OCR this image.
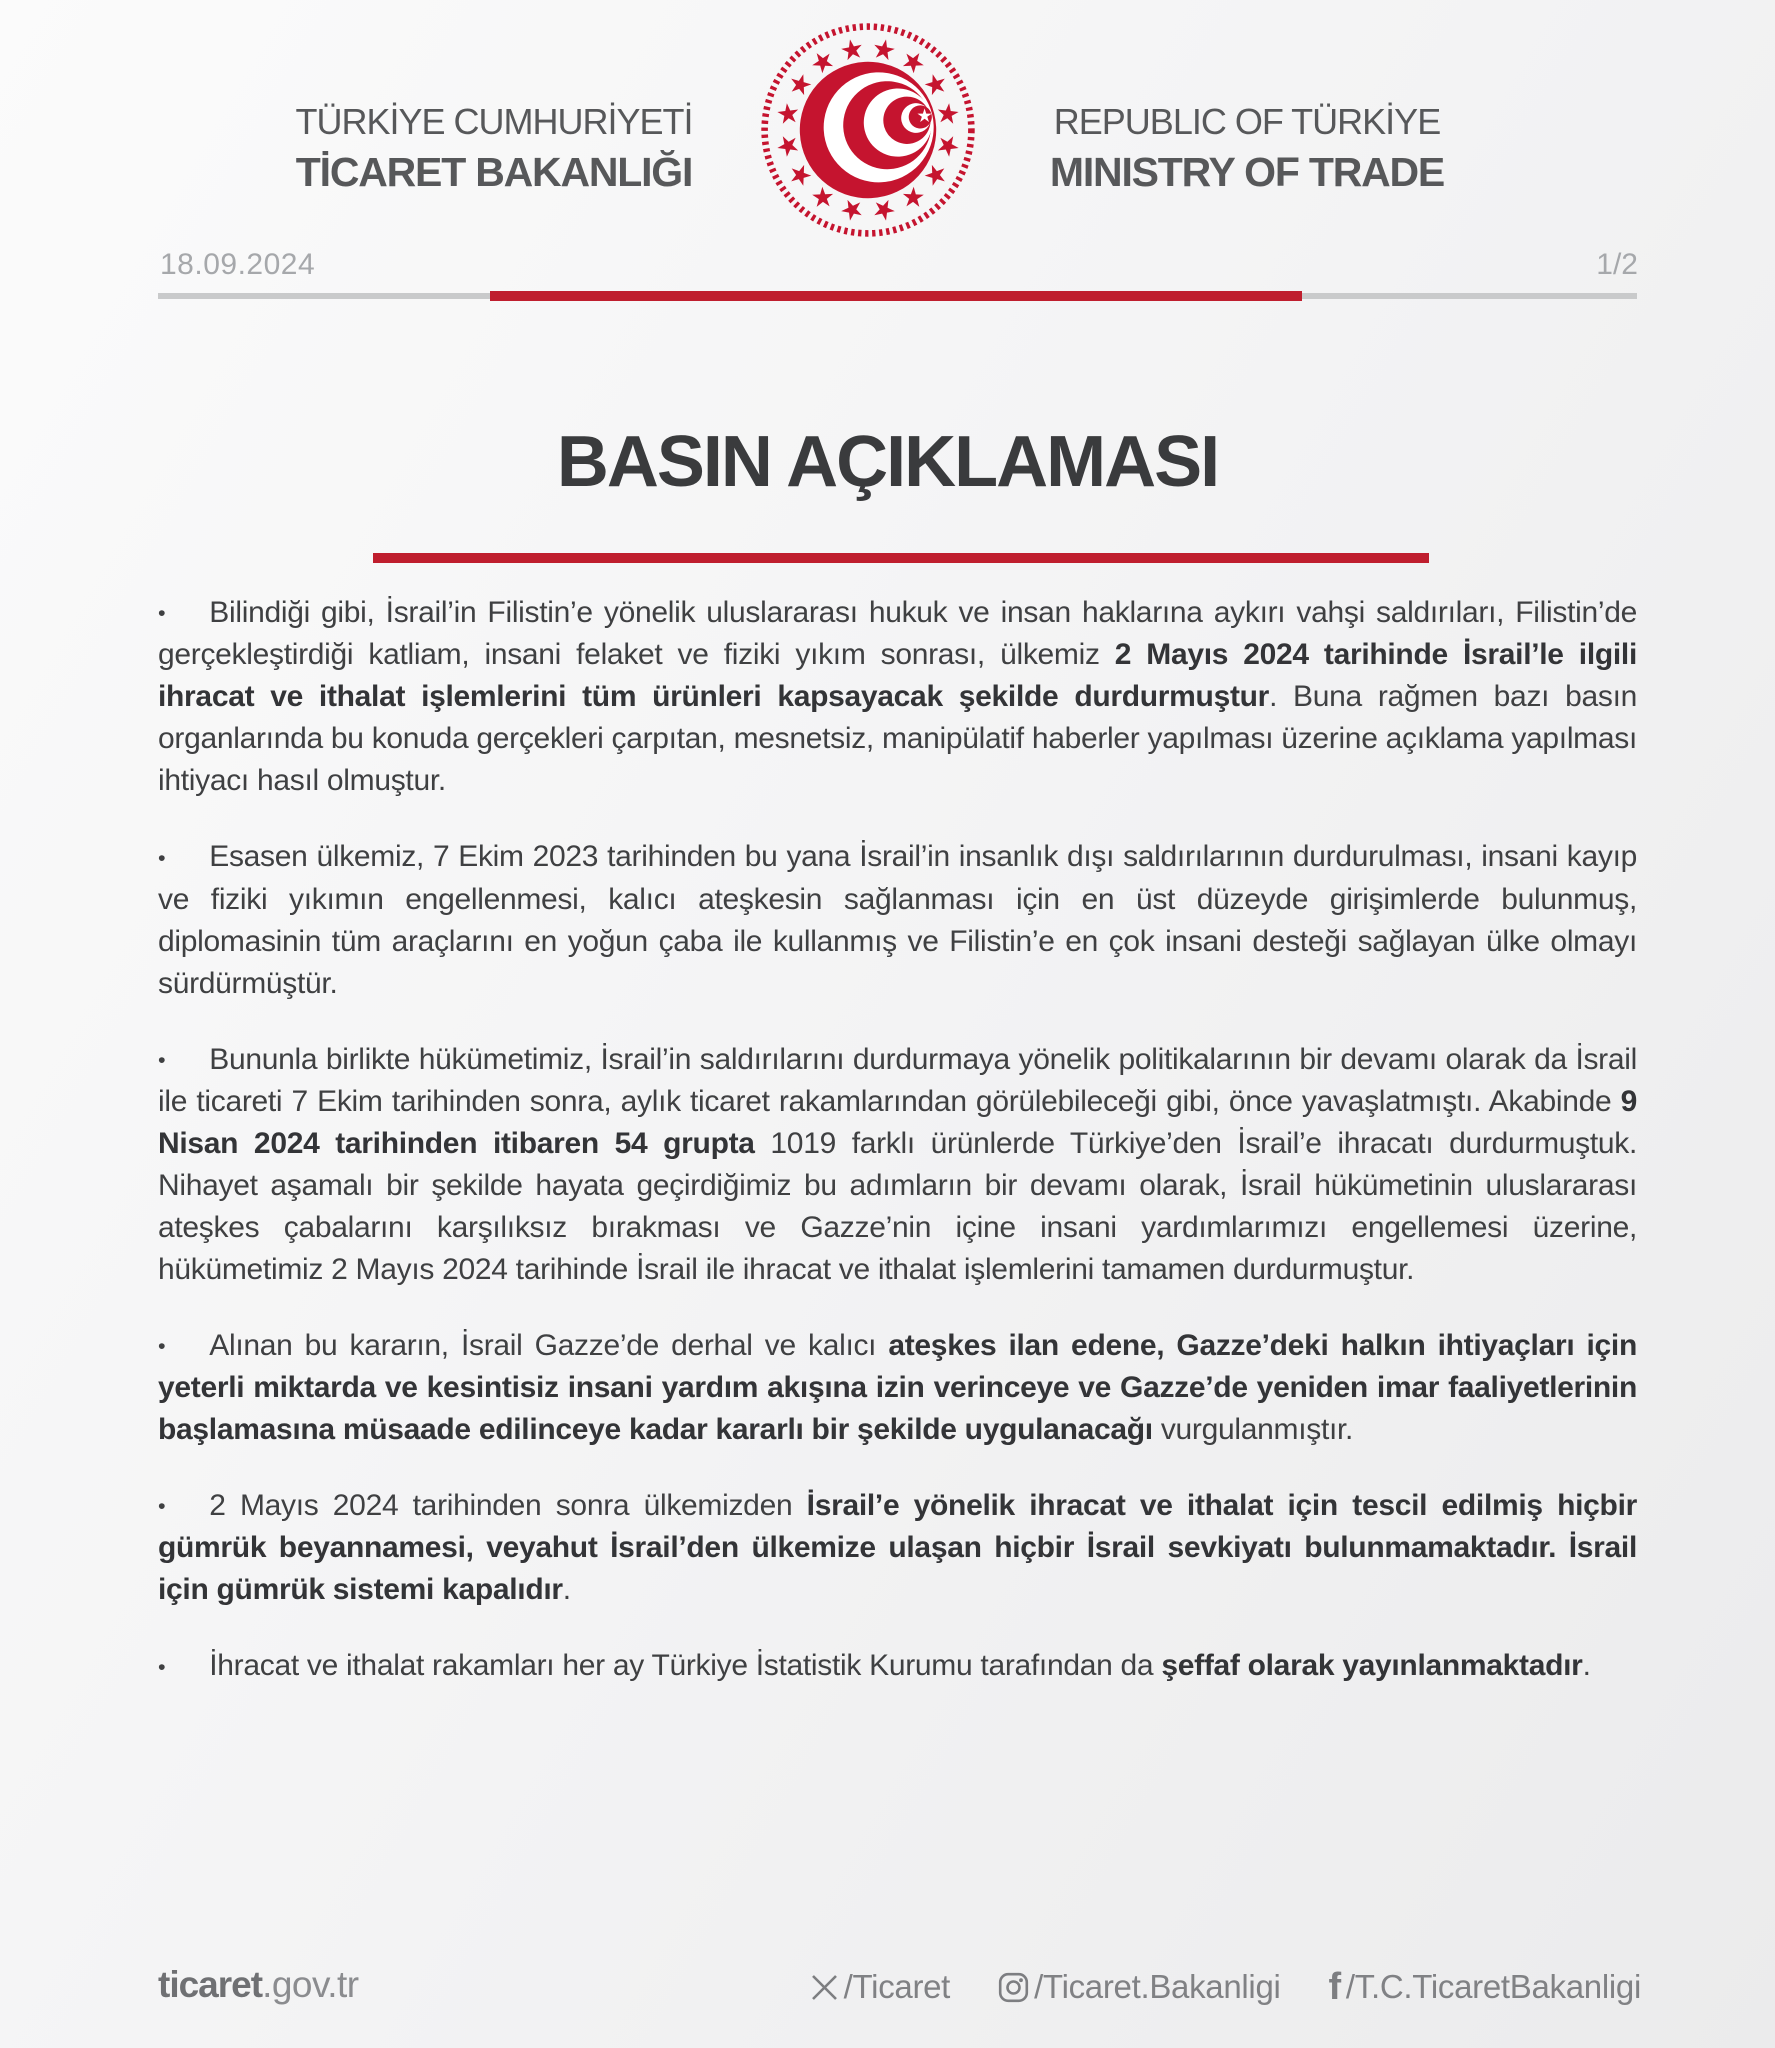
TÜRKİYE CUMHURİYETİ
TİCARET BAKANLIĞI
REPUBLIC OF TÜRKİYE
MINISTRY OF TRADE
18.09.2024	1/2
BASIN AÇIKLAMASI

• Bilindiği gibi, İsrail’in Filistin’e yönelik uluslararası hukuk ve insan haklarına aykırı vahşi saldırıları, Filistin’de gerçekleştirdiği katliam, insani felaket ve fiziki yıkım sonrası, ülkemiz 2 Mayıs 2024 tarihinde İsrail’le ilgili ihracat ve ithalat işlemlerini tüm ürünleri kapsayacak şekilde durdurmuştur. Buna rağmen bazı basın organlarında bu konuda gerçekleri çarpıtan, mesnetsiz, manipülatif haberler yapılması üzerine açıklama yapılması ihtiyacı hasıl olmuştur.

• Esasen ülkemiz, 7 Ekim 2023 tarihinden bu yana İsrail’in insanlık dışı saldırılarının durdurulması, insani kayıp ve fiziki yıkımın engellenmesi, kalıcı ateşkesin sağlanması için en üst düzeyde girişimlerde bulunmuş, diplomasinin tüm araçlarını en yoğun çaba ile kullanmış ve Filistin’e en çok insani desteği sağlayan ülke olmayı sürdürmüştür.

• Bununla birlikte hükümetimiz, İsrail’in saldırılarını durdurmaya yönelik politikalarının bir devamı olarak da İsrail ile ticareti 7 Ekim tarihinden sonra, aylık ticaret rakamlarından görülebileceği gibi, önce yavaşlatmıştı. Akabinde 9 Nisan 2024 tarihinden itibaren 54 grupta 1019 farklı ürünlerde Türkiye’den İsrail’e ihracatı durdurmuştuk. Nihayet aşamalı bir şekilde hayata geçirdiğimiz bu adımların bir devamı olarak, İsrail hükümetinin uluslararası ateşkes çabalarını karşılıksız bırakması ve Gazze’nin içine insani yardımlarımızı engellemesi üzerine, hükümetimiz 2 Mayıs 2024 tarihinde İsrail ile ihracat ve ithalat işlemlerini tamamen durdurmuştur.

• Alınan bu kararın, İsrail Gazze’de derhal ve kalıcı ateşkes ilan edene, Gazze’deki halkın ihtiyaçları için yeterli miktarda ve kesintisiz insani yardım akışına izin verinceye ve Gazze’de yeniden imar faaliyetlerinin başlamasına müsaade edilinceye kadar kararlı bir şekilde uygulanacağı vurgulanmıştır.

• 2 Mayıs 2024 tarihinden sonra ülkemizden İsrail’e yönelik ihracat ve ithalat için tescil edilmiş hiçbir gümrük beyannamesi, veyahut İsrail’den ülkemize ulaşan hiçbir İsrail sevkiyatı bulunmamaktadır. İsrail için gümrük sistemi kapalıdır.

• İhracat ve ithalat rakamları her ay Türkiye İstatistik Kurumu tarafından da şeffaf olarak yayınlanmaktadır.

ticaret.gov.tr	/Ticaret	/Ticaret.Bakanligi f /T.C.TicaretBakanligi
